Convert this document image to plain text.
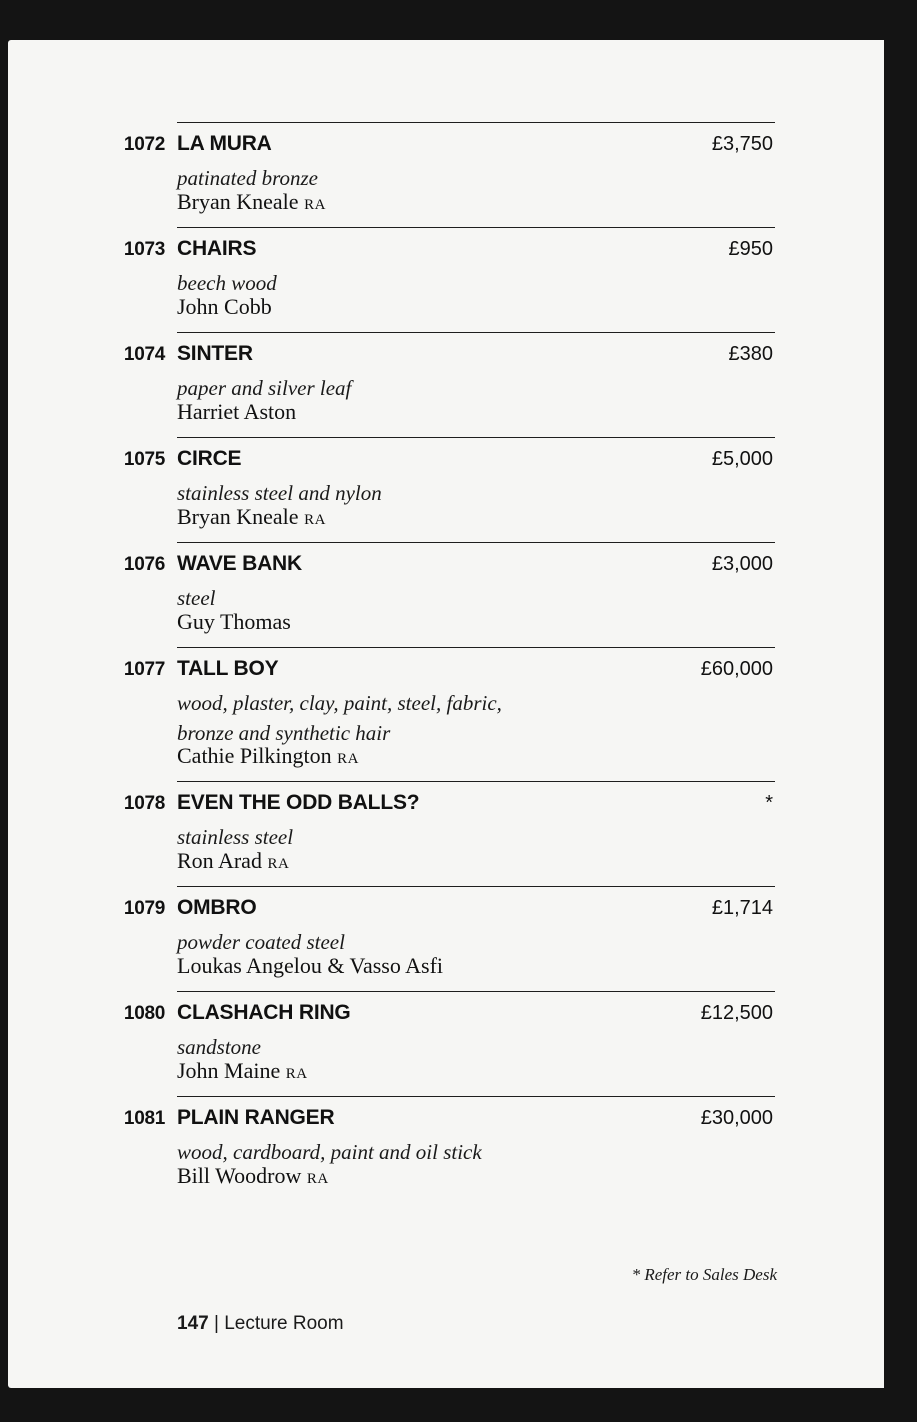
1072 LA MURA	£3,750
patinated bronze
Bryan Kneale RA
1073 CHAIRS	£950
beech wood
John Cobb
1074 SINTER	£380
paper and silver leaf
Harriet Aston
1075 CIRCE	£5,000
stainless steel and nylon
Bryan Kneale RA
1076 WAVE BANK	£3,000
steel
Guy Thomas
1077 TALL BOY	£60,000
wood, plaster, clay, paint, steel, fabric, bronze and synthetic hair
Cathie Pilkington RA
1078 EVEN THE ODD BALLS?	*
stainless steel
Ron Arad RA
1079 OMBRO	£1,714
powder coated steel
Loukas Angelou & Vasso Asfi
1080 CLASHACH RING	£12,500
sandstone
John Maine RA
1081 PLAIN RANGER	£30,000
wood, cardboard, paint and oil stick
Bill Woodrow RA
* Refer to Sales Desk
147 | Lecture Room
